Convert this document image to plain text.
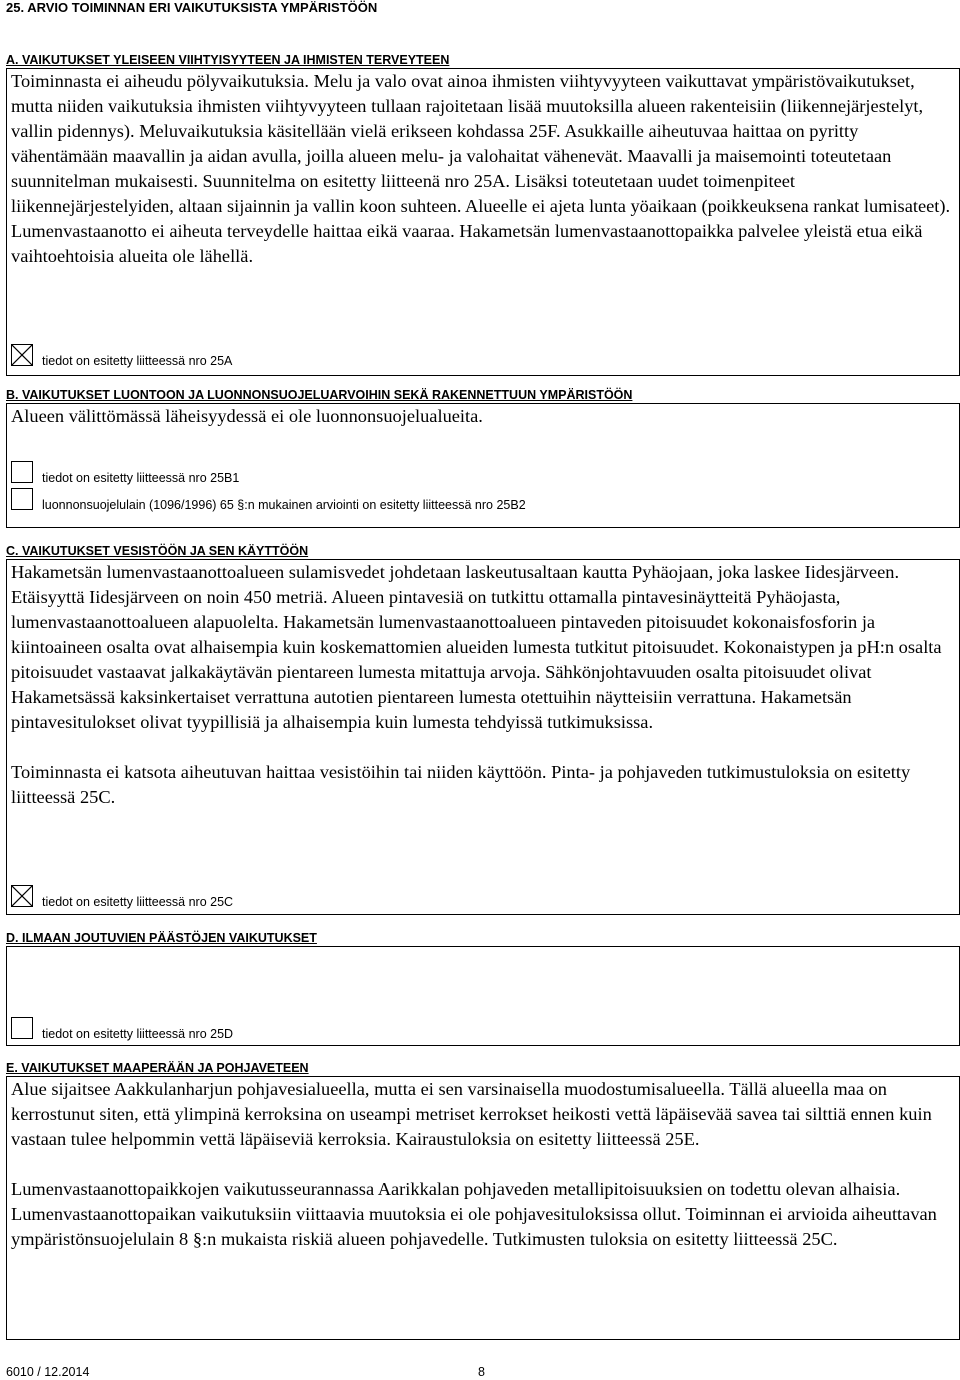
25. ARVIO TOIMINNAN ERI VAIKUTUKSISTA YMPÄRISTÖÖN
A. VAIKUTUKSET YLEISEEN VIIHTYISYYTEEN JA IHMISTEN TERVEYTEEN

Toiminnasta ei aiheudu pölyvaikutuksia. Melu ja valo ovat ainoa ihmisten viihtyvyyteen vaikuttavat ympäristövaikutukset, mutta niiden vaikutuksia ihmisten viihtyvyyteen tullaan rajoitetaan lisää muutoksilla alueen rakenteisiin (liikennejärjestelyt, vallin pidennys). Meluvaikutuksia käsitellään vielä erikseen kohdassa 25F. Asukkaille aiheutuvaa haittaa on pyritty vähentämään maavallin ja aidan avulla, joilla alueen melu- ja valohaitat vähenevät. Maavalli ja maisemointi toteutetaan suunnitelman mukaisesti. Suunnitelma on esitetty liitteenä nro 25A. Lisäksi toteutetaan uudet toimenpiteet liikennejärjestelyiden, altaan sijainnin ja vallin koon suhteen. Alueelle ei ajeta lunta yöaikaan (poikkeuksena rankat lumisateet). Lumenvastaanotto ei aiheuta terveydelle haittaa eikä vaaraa. Hakametsän lumenvastaanottopaikka palvelee yleistä etua eikä vaihtoehtoisia alueita ole lähellä.

tiedot on esitetty liitteessä nro 25A
B. VAIKUTUKSET LUONTOON JA LUONNONSUOJELUARVOIHIN SEKÄ RAKENNETTUUN YMPÄRISTÖÖN

Alueen välittömässä läheisyydessä ei ole luonnonsuojelualueita.

tiedot on esitetty liitteessä nro 25B1
luonnonsuojelulain (1096/1996) 65 §:n mukainen arviointi on esitetty liitteessä nro 25B2
C. VAIKUTUKSET VESISTÖÖN JA SEN KÄYTTÖÖN

Hakametsän lumenvastaanottoalueen sulamisvedet johdetaan laskeutusaltaan kautta Pyhäojaan, joka laskee Iidesjärveen. Etäisyyttä Iidesjärveen on noin 450 metriä. Alueen pintavesiä on tutkittu ottamalla pintavesinäytteitä Pyhäojasta, lumenvastaanottoalueen alapuolelta. Hakametsän lumenvastaanottoalueen pintaveden pitoisuudet kokonaisfosforin ja kiintoaineen osalta ovat alhaisempia kuin koskemattomien alueiden lumesta tutkitut pitoisuudet. Kokonaistypen ja pH:n osalta pitoisuudet vastaavat jalkakäytävän pientareen lumesta mitattuja arvoja. Sähkönjohtavuuden osalta pitoisuudet olivat Hakametsässä kaksinkertaiset verrattuna autotien pientareen lumesta otettuihin näytteisiin verrattuna. Hakametsän pintavesitulokset olivat tyypillisiä ja alhaisempia kuin lumesta tehdyissä tutkimuksissa.

Toiminnasta ei katsota aiheutuvan haittaa vesistöihin tai niiden käyttöön. Pinta- ja pohjaveden tutkimustuloksia on esitetty liitteessä 25C.

tiedot on esitetty liitteessä nro 25C
D. ILMAAN JOUTUVIEN PÄÄSTÖJEN VAIKUTUKSET
tiedot on esitetty liitteessä nro 25D
E. VAIKUTUKSET MAAPERÄÄN JA POHJAVETEEN

Alue sijaitsee Aakkulanharjun pohjavesialueella, mutta ei sen varsinaisella muodostumisalueella. Tällä alueella maa on kerrostunut siten, että ylimpinä kerroksina on useampi metriset kerrokset heikosti vettä läpäisevää savea tai silttiä ennen kuin vastaan tulee helpommin vettä läpäiseviä kerroksia. Kairaustuloksia on esitetty liitteessä 25E.

Lumenvastaanottopaikkojen vaikutusseurannassa Aarikkalan pohjaveden metallipitoisuuksien on todettu olevan alhaisia. Lumenvastaanottopaikan vaikutuksiin viittaavia muutoksia ei ole pohjavesituloksissa ollut. Toiminnan ei arvioida aiheuttavan ympäristönsuojelulain 8 §:n mukaista riskiä alueen pohjavedelle. Tutkimusten tuloksia on esitetty liitteessä 25C.

6010 / 12.2014	8
